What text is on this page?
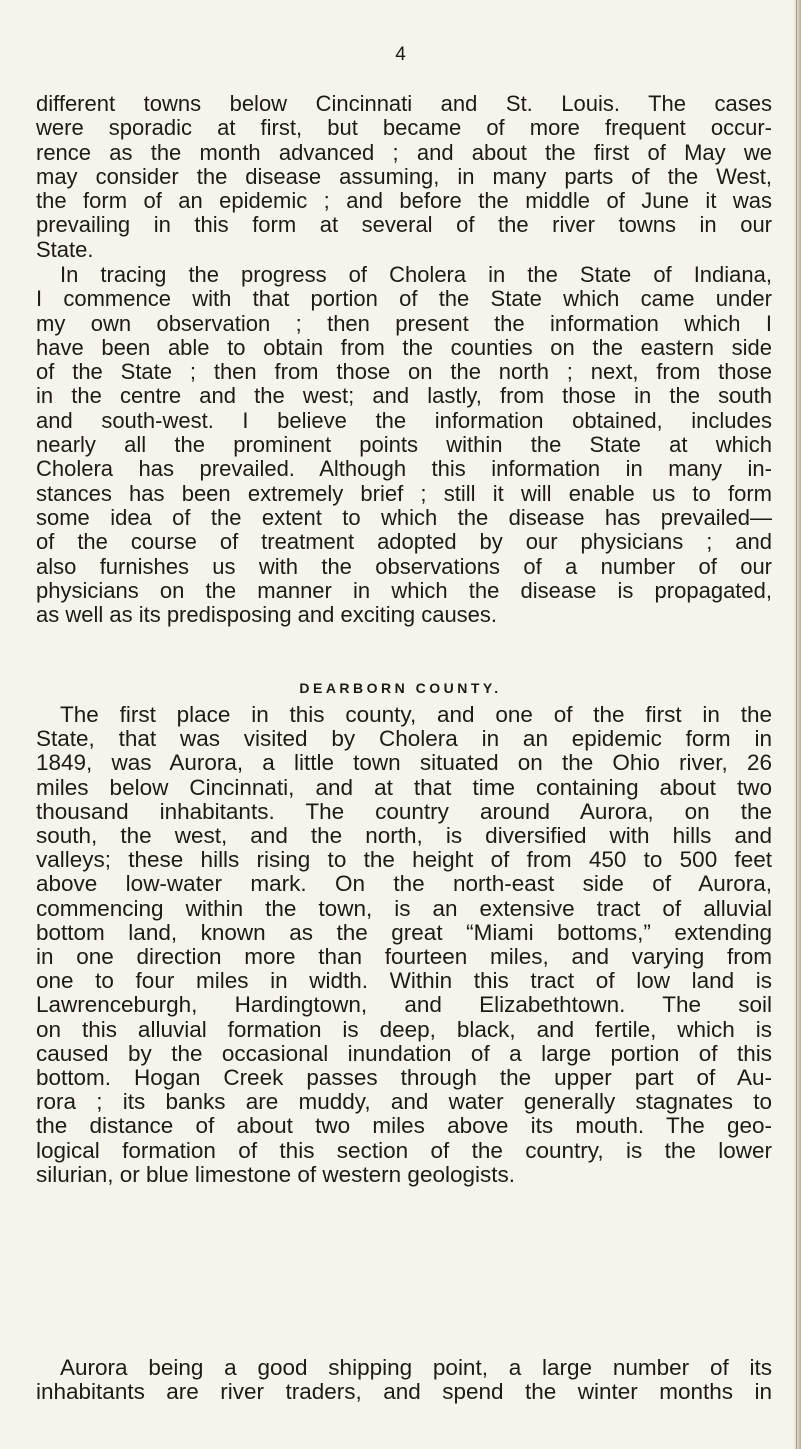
4
different towns below Cincinnati and St. Louis. The cases
were sporadic at first, but became of more frequent occur-
rence as the month advanced ; and about the first of May we
may consider the disease assuming, in many parts of the West,
the form of an epidemic ; and before the middle of June it was
prevailing in this form at several of the river towns in our
State.
In tracing the progress of Cholera in the State of Indiana,
I commence with that portion of the State which came under
my own observation ; then present the information which I
have been able to obtain from the counties on the eastern side
of the State ; then from those on the north ; next, from those
in the centre and the west; and lastly, from those in the south
and south-west. I believe the information obtained, includes
nearly all the prominent points within the State at which
Cholera has prevailed. Although this information in many in-
stances has been extremely brief ; still it will enable us to form
some idea of the extent to which the disease has prevailed—
of the course of treatment adopted by our physicians ; and
also furnishes us with the observations of a number of our
physicians on the manner in which the disease is propagated,
as well as its predisposing and exciting causes.
DEARBORN COUNTY.
The first place in this county, and one of the first in the
State, that was visited by Cholera in an epidemic form in
1849, was Aurora, a little town situated on the Ohio river, 26
miles below Cincinnati, and at that time containing about two
thousand inhabitants. The country around Aurora, on the
south, the west, and the north, is diversified with hills and
valleys; these hills rising to the height of from 450 to 500 feet
above low-water mark. On the north-east side of Aurora,
commencing within the town, is an extensive tract of alluvial
bottom land, known as the great “Miami bottoms,” extending
in one direction more than fourteen miles, and varying from
one to four miles in width. Within this tract of low land is
Lawrenceburgh, Hardingtown, and Elizabethtown. The soil
on this alluvial formation is deep, black, and fertile, which is
caused by the occasional inundation of a large portion of this
bottom. Hogan Creek passes through the upper part of Au-
rora ; its banks are muddy, and water generally stagnates to
the distance of about two miles above its mouth. The geo-
logical formation of this section of the country, is the lower
silurian, or blue limestone of western geologists.
Aurora being a good shipping point, a large number of its
inhabitants are river traders, and spend the winter months in
